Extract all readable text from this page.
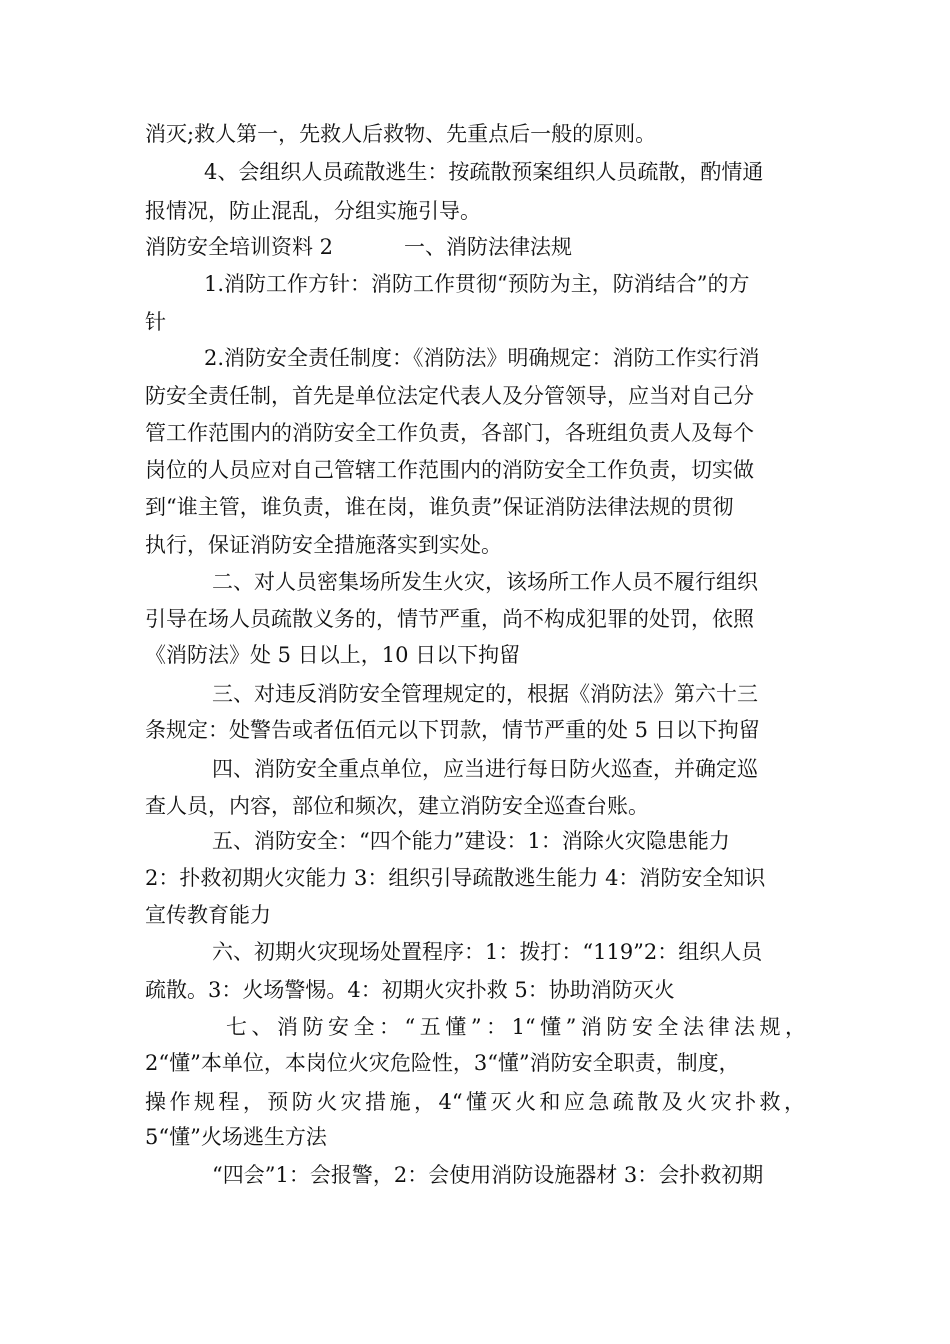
消灭;救人第一，先救人后救物、先重点后一般的原则。
4、会组织人员疏散逃生：按疏散预案组织人员疏散，酌情通
报情况，防止混乱，分组实施引导。
消防安全培训资料 2	一、消防法律法规
1.消防工作方针：消防工作贯彻“预防为主，防消结合”的方
针
2.消防安全责任制度：《消防法》明确规定：消防工作实行消
防安全责任制，首先是单位法定代表人及分管领导，应当对自己分
管工作范围内的消防安全工作负责，各部门，各班组负责人及每个
岗位的人员应对自己管辖工作范围内的消防安全工作负责，切实做
到“谁主管，谁负责，谁在岗，谁负责”保证消防法律法规的贯彻
执行，保证消防安全措施落实到实处。
二、对人员密集场所发生火灾，该场所工作人员不履行组织
引导在场人员疏散义务的，情节严重，尚不构成犯罪的处罚，依照
《消防法》处 5 日以上，10 日以下拘留
三、对违反消防安全管理规定的，根据《消防法》第六十三
条规定：处警告或者伍佰元以下罚款，情节严重的处 5 日以下拘留
四、消防安全重点单位，应当进行每日防火巡查，并确定巡
查人员，内容，部位和频次，建立消防安全巡查台账。
五、消防安全：“四个能力”建设：1：消除火灾隐患能力
2：扑救初期火灾能力 3：组织引导疏散逃生能力 4：消防安全知识
宣传教育能力
六、初期火灾现场处置程序：1：拨打：“119”2：组织人员
疏散。3：火场警惕。4：初期火灾扑救 5：协助消防灭火
七、消防安全：“五懂”：1“懂”消防安全法律法规，
2“懂”本单位，本岗位火灾危险性，3“懂”消防安全职责，制度，
操作规程，预防火灾措施，4“懂灭火和应急疏散及火灾扑救，
5“懂”火场逃生方法
“四会”1：会报警，2：会使用消防设施器材 3：会扑救初期
